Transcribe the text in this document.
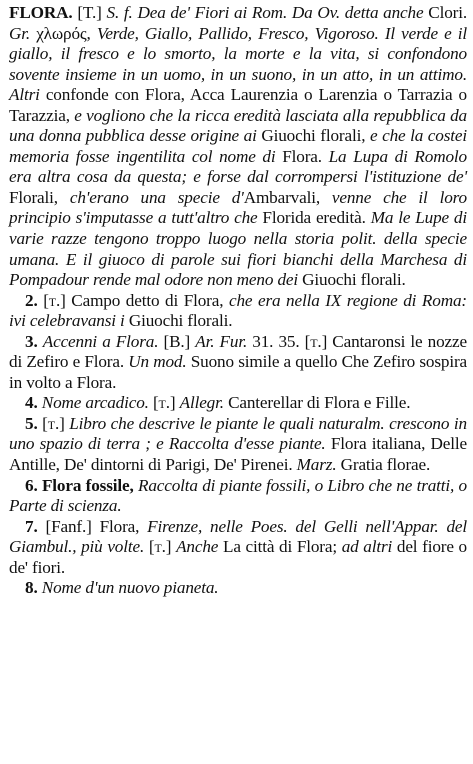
FLORA. [T.] S. f. Dea de' Fiori ai Rom. Da Ov. detta anche Clori. Gr. χλωρός, Verde, Giallo, Pallido, Fresco, Vigoroso. Il verde e il giallo, il fresco e lo smorto, la morte e la vita, si confondono sovente insieme in un uomo, in un suono, in un atto, in un attimo. Altri confonde con Flora, Acca Laurenzia o Larenzia o Tarrazia o Tarazzia, e vogliono che la ricca eredità lasciata alla repubblica da una donna pubblica desse origine ai Giuochi florali, e che la costei memoria fosse ingentilita col nome di Flora. La Lupa di Romolo era altra cosa da questa; e forse dal corrompersi l'istituzione de' Florali, ch'erano una specie d'Ambarvali, venne che il loro principio s'imputasse a tutt'altro che Florida eredità. Ma le Lupe di varie razze tengono troppo luogo nella storia polit. della specie umana. E il giuoco di parole sui fiori bianchi della Marchesa di Pompadour rende mal odore non meno dei Giuochi florali.

2. [t.] Campo detto di Flora, che era nella IX regione di Roma: ivi celebravansi i Giuochi florali.

3. Accenni a Flora. [B.] Ar. Fur. 31. 35. [t.] Cantaronsi le nozze di Zefiro e Flora. Un mod. Suono simile a quello Che Zefiro sospira in volto a Flora.

4. Nome arcadico. [t.] Allegr. Canterellar di Flora e Fille.

5. [t.] Libro che descrive le piante le quali naturalm. crescono in uno spazio di terra ; e Raccolta d'esse piante. Flora italiana, Delle Antille, De' dintorni di Parigi, De' Pirenei. Marz. Gratia florae.

6. Flora fossile, Raccolta di piante fossili, o Libro che ne tratti, o Parte di scienza.

7. [Fanf.] Flora, Firenze, nelle Poes. del Gelli nell'Appar. del Giambul., più volte. [t.] Anche La città di Flora; ad altri del fiore o de' fiori.

8. Nome d'un nuovo pianeta.
